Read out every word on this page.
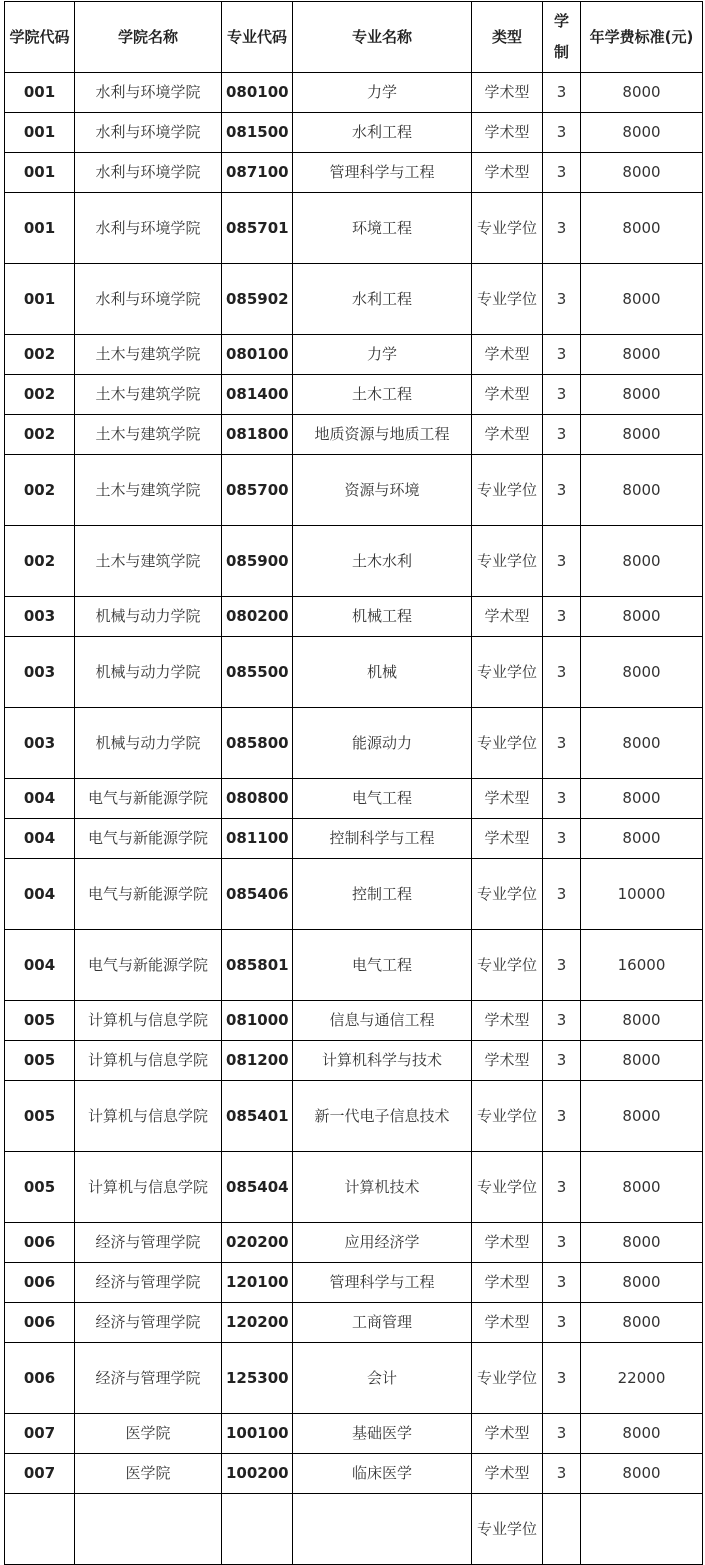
学院代码	学院名称	专业代码	专业名称	类型	学制	年学费标准(元)
001	水利与环境学院	080100	力学	学术型	3	8000
001	水利与环境学院	081500	水利工程	学术型	3	8000
001	水利与环境学院	087100	管理科学与工程	学术型	3	8000
001	水利与环境学院	085701	环境工程	专业学位	3	8000
001	水利与环境学院	085902	水利工程	专业学位	3	8000
002	土木与建筑学院	080100	力学	学术型	3	8000
002	土木与建筑学院	081400	土木工程	学术型	3	8000
002	土木与建筑学院	081800	地质资源与地质工程	学术型	3	8000
002	土木与建筑学院	085700	资源与环境	专业学位	3	8000
002	土木与建筑学院	085900	土木水利	专业学位	3	8000
003	机械与动力学院	080200	机械工程	学术型	3	8000
003	机械与动力学院	085500	机械	专业学位	3	8000
003	机械与动力学院	085800	能源动力	专业学位	3	8000
004	电气与新能源学院	080800	电气工程	学术型	3	8000
004	电气与新能源学院	081100	控制科学与工程	学术型	3	8000
004	电气与新能源学院	085406	控制工程	专业学位	3	10000
004	电气与新能源学院	085801	电气工程	专业学位	3	16000
005	计算机与信息学院	081000	信息与通信工程	学术型	3	8000
005	计算机与信息学院	081200	计算机科学与技术	学术型	3	8000
005	计算机与信息学院	085401	新一代电子信息技术	专业学位	3	8000
005	计算机与信息学院	085404	计算机技术	专业学位	3	8000
006	经济与管理学院	020200	应用经济学	学术型	3	8000
006	经济与管理学院	120100	管理科学与工程	学术型	3	8000
006	经济与管理学院	120200	工商管理	学术型	3	8000
006	经济与管理学院	125300	会计	专业学位	3	22000
007	医学院	100100	基础医学	学术型	3	8000
007	医学院	100200	临床医学	学术型	3	8000
				专业学位		
